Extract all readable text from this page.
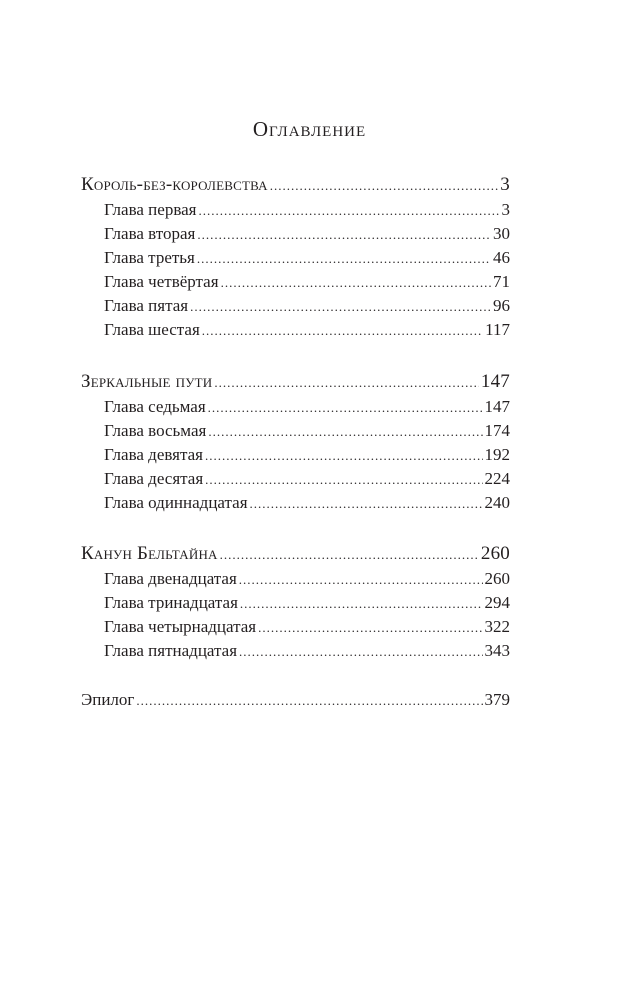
Оглавление
Король-без-королевства .....	3
Глава первая .....	3
Глава вторая .....	30
Глава третья .....	46
Глава четвёртая .....	71
Глава пятая .....	96
Глава шестая .....	117
Зеркальные пути .....	147
Глава седьмая .....	147
Глава восьмая .....	174
Глава девятая .....	192
Глава десятая .....	224
Глава одиннадцатая .....	240
Канун Бельтайна .....	260
Глава двенадцатая .....	260
Глава тринадцатая .....	294
Глава четырнадцатая .....	322
Глава пятнадцатая .....	343
Эпилог .....	379
